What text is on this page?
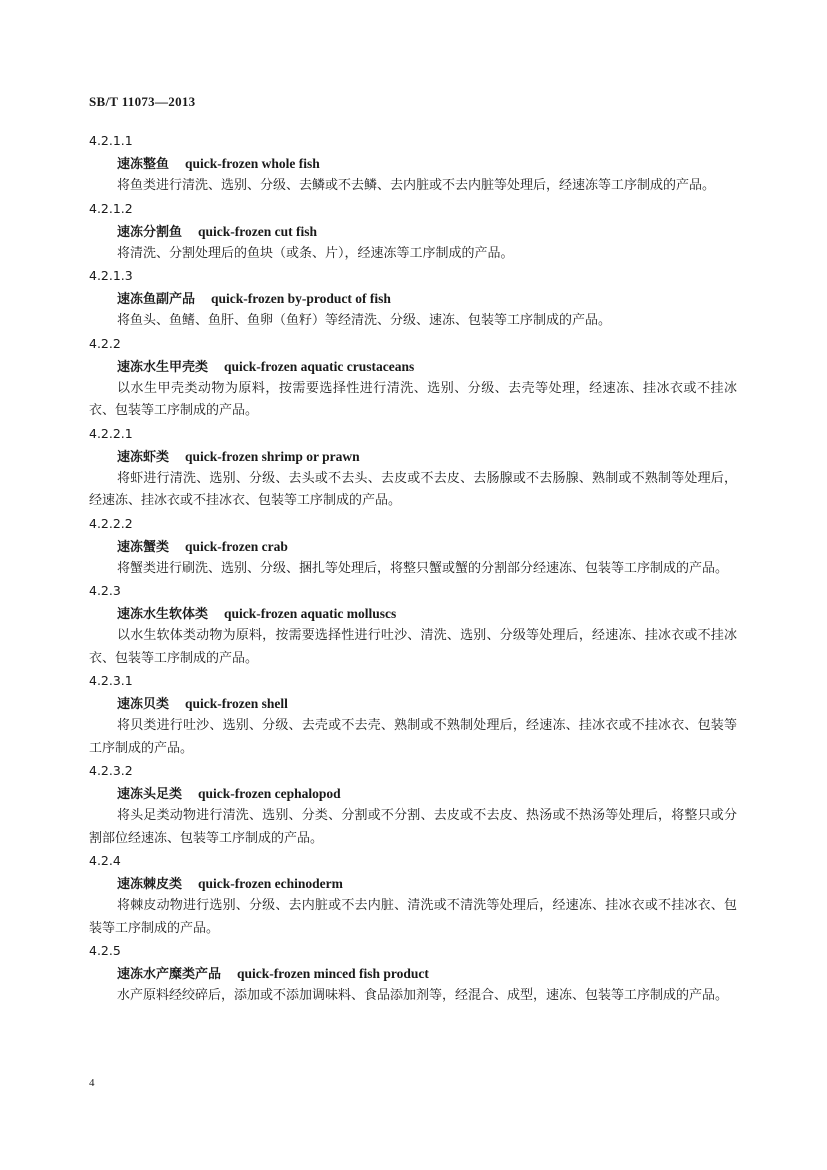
SB/T 11073—2013
4.2.1.1
速冻整鱼 quick-frozen whole fish
将鱼类进行清洗、选别、分级、去鳞或不去鳞、去内脏或不去内脏等处理后，经速冻等工序制成的产品。
4.2.1.2
速冻分割鱼 quick-frozen cut fish
将清洗、分割处理后的鱼块（或条、片），经速冻等工序制成的产品。
4.2.1.3
速冻鱼副产品 quick-frozen by-product of fish
将鱼头、鱼鳍、鱼肝、鱼卵（鱼籽）等经清洗、分级、速冻、包装等工序制成的产品。
4.2.2
速冻水生甲壳类 quick-frozen aquatic crustaceans
以水生甲壳类动物为原料，按需要选择性进行清洗、选别、分级、去壳等处理，经速冻、挂冰衣或不挂冰衣、包装等工序制成的产品。
4.2.2.1
速冻虾类 quick-frozen shrimp or prawn
将虾进行清洗、选别、分级、去头或不去头、去皮或不去皮、去肠腺或不去肠腺、熟制或不熟制等处理后，经速冻、挂冰衣或不挂冰衣、包装等工序制成的产品。
4.2.2.2
速冻蟹类 quick-frozen crab
将蟹类进行刷洗、选别、分级、捆扎等处理后，将整只蟹或蟹的分割部分经速冻、包装等工序制成的产品。
4.2.3
速冻水生软体类 quick-frozen aquatic molluscs
以水生软体类动物为原料，按需要选择性进行吐沙、清洗、选别、分级等处理后，经速冻、挂冰衣或不挂冰衣、包装等工序制成的产品。
4.2.3.1
速冻贝类 quick-frozen shell
将贝类进行吐沙、选别、分级、去壳或不去壳、熟制或不熟制处理后，经速冻、挂冰衣或不挂冰衣、包装等工序制成的产品。
4.2.3.2
速冻头足类 quick-frozen cephalopod
将头足类动物进行清洗、选别、分类、分割或不分割、去皮或不去皮、热汤或不热汤等处理后，将整只或分割部位经速冻、包装等工序制成的产品。
4.2.4
速冻棘皮类 quick-frozen echinoderm
将棘皮动物进行选别、分级、去内脏或不去内脏、清洗或不清洗等处理后，经速冻、挂冰衣或不挂冰衣、包装等工序制成的产品。
4.2.5
速冻水产糜类产品 quick-frozen minced fish product
水产原料经绞碎后，添加或不添加调味料、食品添加剂等，经混合、成型，速冻、包装等工序制成的产品。
4
